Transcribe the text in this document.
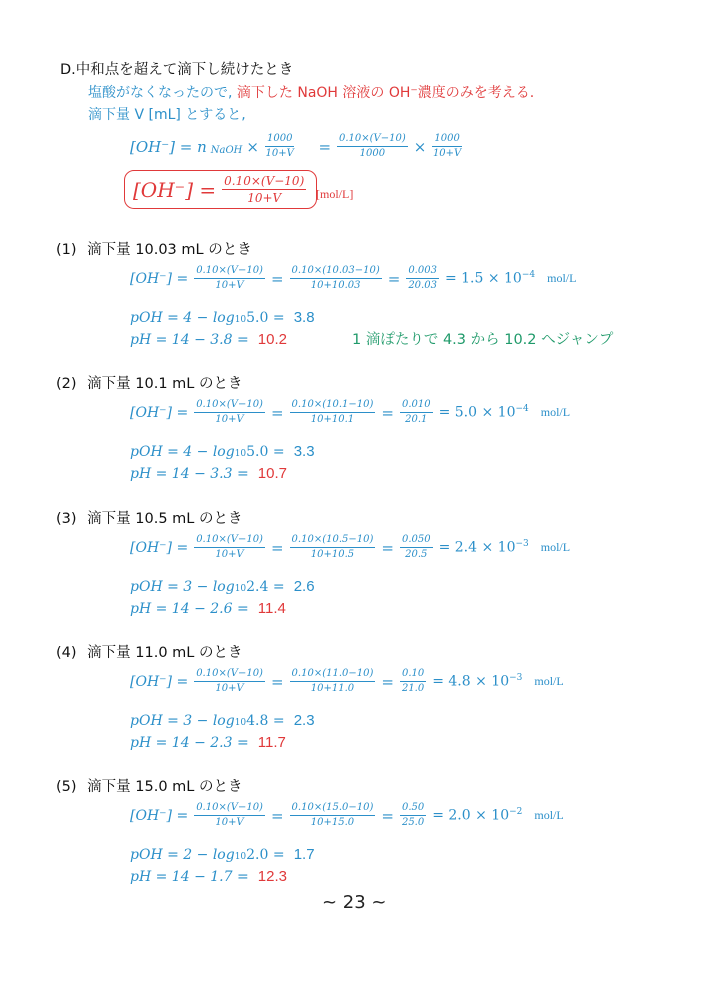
D.中和点を超えて滴下し続けたとき
塩酸がなくなったので, 滴下した NaOH 溶液の OH⁻濃度のみを考える.
滴下量 V [mL] とすると,
[OH⁻] = n NaOH × $\frac{1000}{10+V} = \frac{0.10\times(V-10)}{1000} \times \frac{1000}{10+V}$
$[OH^-] = \frac{0.10\times(V-10)}{10+V} [mol/L]$
(1) 滴下量 10.03 mL のとき
$[OH^-] = \frac{0.10\times(V-10)}{10+V} = \frac{0.10\times(10.03-10)}{10+10.03} = \frac{0.003}{20.03} = 1.5 \times 10^{-4}$ mol/L
pOH = 4 − log105.0 = 3.8
pH = 14 − 3.8 = 10.2
(2) 滴下量 10.1 mL のとき
$[OH^-] = \frac{0.10\times(V-10)}{10+V} = \frac{0.10\times(10.1-10)}{10+10.1} = \frac{0.010}{20.1} = 5.0 \times 10^{-4}$ mol/L
pOH = 4 − log105.0 = 3.3
pH = 14 − 3.3 = 10.7
(3) 滴下量 10.5 mL のとき
$[OH^-] = \frac{0.10\times(V-10)}{10+V} = \frac{0.10\times(10.5-10)}{10+10.5} = \frac{0.050}{20.5} = 2.4 \times 10^{-3}$ mol/L
pOH = 3 − log102.4 = 2.6
pH = 14 − 2.6 = 11.4
(4) 滴下量 11.0 mL のとき
$[OH^-] = \frac{0.10\times(V-10)}{10+V} = \frac{0.10\times(11.0-10)}{10+11.0} = \frac{0.10}{21.0} = 4.8 \times 10^{-3}$ mol/L
pOH = 3 − log104.8 = 2.3
pH = 14 − 2.3 = 11.7
(5) 滴下量 15.0 mL のとき
$[OH^-] = \frac{0.10\times(V-10)}{10+V} = \frac{0.10\times(15.0-10)}{10+15.0} = \frac{0.50}{25.0} = 2.0 \times 10^{-2}$ mol/L
pOH = 2 − log102.0 = 1.7
pH = 14 − 1.7 = 12.3
1 滴ぽたりで 4.3 から 10.2 へジャンプ
~ 23 ~
